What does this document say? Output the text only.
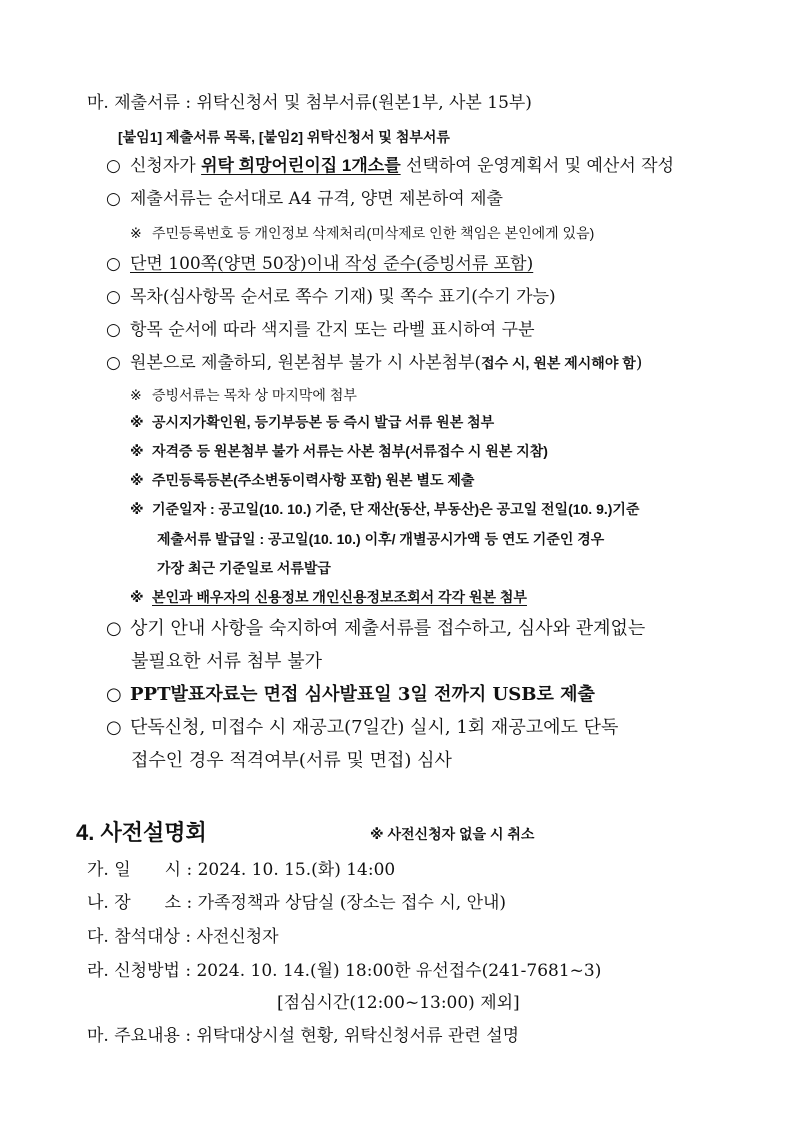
마. 제출서류 : 위탁신청서 및 첨부서류(원본1부, 사본 15부)
[붙임1] 제출서류 목록, [붙임2] 위탁신청서 및 첨부서류
○ 신청자가 위탁 희망어린이집 1개소를 선택하여 운영계획서 및 예산서 작성
○ 제출서류는 순서대로 A4 규격, 양면 제본하여 제출
※ 주민등록번호 등 개인정보 삭제처리(미삭제로 인한 책임은 본인에게 있음)
○ 단면 100쪽(양면 50장)이내 작성 준수(증빙서류 포함)
○ 목차(심사항목 순서로 쪽수 기재) 및 쪽수 표기(수기 가능)
○ 항목 순서에 따라 색지를 간지 또는 라벨 표시하여 구분
○ 원본으로 제출하되, 원본첨부 불가 시 사본첨부(접수 시, 원본 제시해야 함)
※ 증빙서류는 목차 상 마지막에 첨부
※ 공시지가확인원, 등기부등본 등 즉시 발급 서류 원본 첨부
※ 자격증 등 원본첨부 불가 서류는 사본 첨부(서류접수 시 원본 지참)
※ 주민등록등본(주소변동이력사항 포함) 원본 별도 제출
※ 기준일자 : 공고일(10. 10.) 기준, 단 재산(동산, 부동산)은 공고일 전일(10. 9.)기준
제출서류 발급일 : 공고일(10. 10.) 이후/ 개별공시가액 등 연도 기준인 경우
가장 최근 기준일로 서류발급
※ 본인과 배우자의 신용정보 개인신용정보조회서 각각 원본 첨부
○ 상기 안내 사항을 숙지하여 제출서류를 접수하고, 심사와 관계없는
불필요한 서류 첨부 불가
○ PPT발표자료는 면접 심사발표일 3일 전까지 USB로 제출
○ 단독신청, 미접수 시 재공고(7일간) 실시, 1회 재공고에도 단독
접수인 경우 적격여부(서류 및 면접) 심사
4. 사전설명회	※ 사전신청자 없을 시 취소
가. 일　　시 : 2024. 10. 15.(화) 14:00
나. 장　　소 : 가족정책과 상담실 (장소는 접수 시, 안내)
다. 참석대상 : 사전신청자
라. 신청방법 : 2024. 10. 14.(월) 18:00한 유선접수(241-7681~3)
[점심시간(12:00~13:00) 제외]
마. 주요내용 : 위탁대상시설 현황, 위탁신청서류 관련 설명
